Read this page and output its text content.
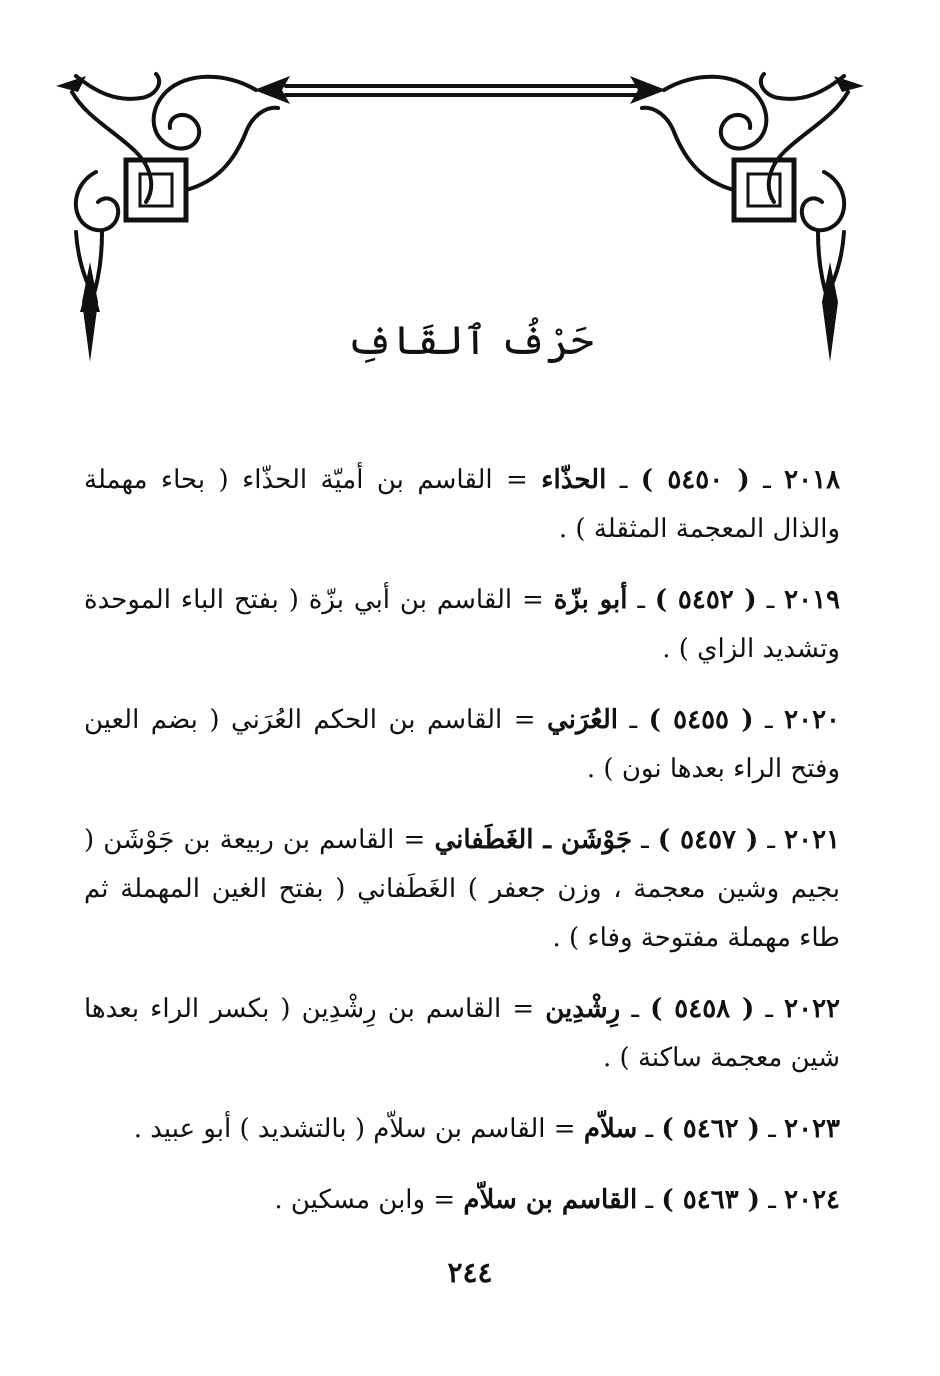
حَرْفُ ٱلقَافِ

٢٠١٨ ـ ( ٥٤٥٠ ) ـ الحذّاء = القاسم بن أميّة الحذّاء ( بحاء مهملة والذال المعجمة المثقلة ) .

٢٠١٩ ـ ( ٥٤٥٢ ) ـ أبو بزّة = القاسم بن أبي بزّة ( بفتح الباء الموحدة وتشديد الزاي ) .

٢٠٢٠ ـ ( ٥٤٥٥ ) ـ العُرَني = القاسم بن الحكم العُرَني ( بضم العين وفتح الراء بعدها نون ) .

٢٠٢١ ـ ( ٥٤٥٧ ) ـ جَوْشَن ـ الغَطَفاني = القاسم بن ربيعة بن جَوْشَن ( بجيم وشين معجمة ، وزن جعفر ) الغَطَفاني ( بفتح الغين المهملة ثم طاء مهملة مفتوحة وفاء ) .

٢٠٢٢ ـ ( ٥٤٥٨ ) ـ رِشْدِين = القاسم بن رِشْدِين ( بكسر الراء بعدها شين معجمة ساكنة ) .

٢٠٢٣ ـ ( ٥٤٦٢ ) ـ سلاّم = القاسم بن سلاّم ( بالتشديد ) أبو عبيد .

٢٠٢٤ ـ ( ٥٤٦٣ ) ـ القاسم بن سلاّم = وابن مسكين .

٢٤٤
